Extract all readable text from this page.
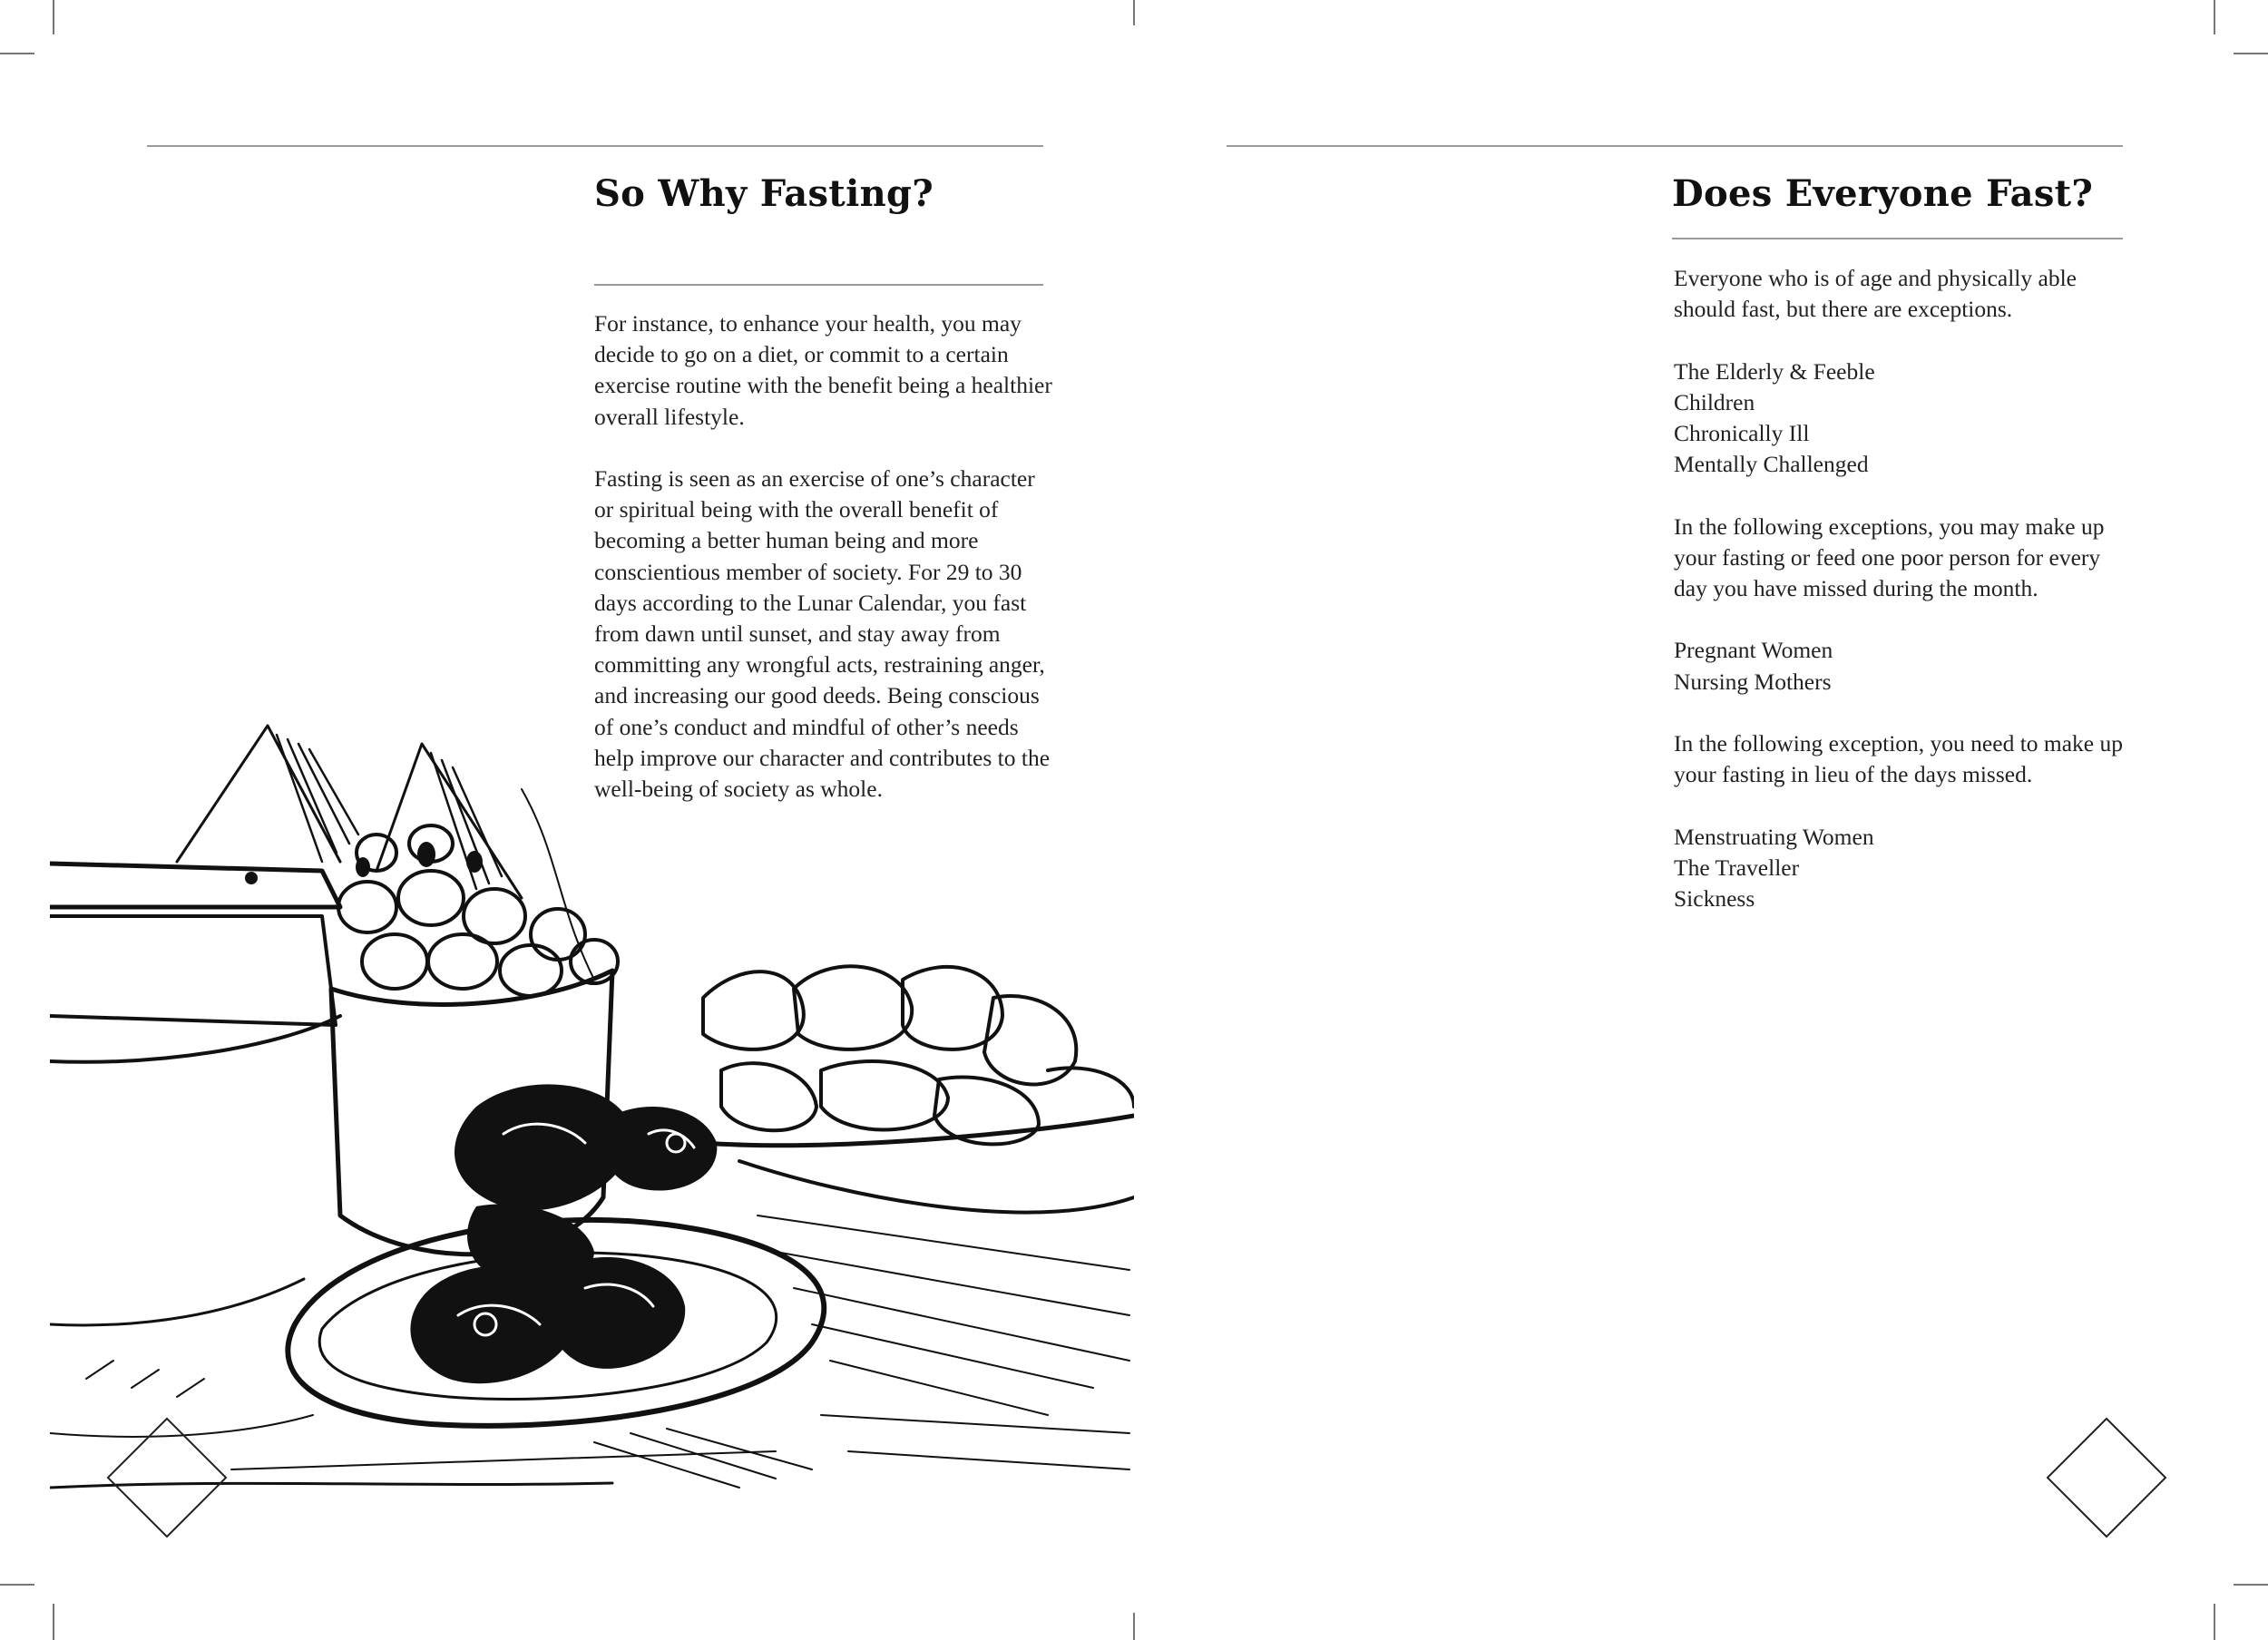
So Why Fasting?

For instance, to enhance your health, you may decide to go on a diet, or commit to a certain exercise routine with the benefit being a healthier overall lifestyle.

Fasting is seen as an exercise of one’s character or spiritual being with the overall benefit of becoming a better human being and more conscientious member of society. For 29 to 30 days according to the Lunar Calendar, you fast from dawn until sunset, and stay away from committing any wrongful acts, restraining anger, and increasing our good deeds. Being conscious of one’s conduct and mindful of other’s needs help improve our character and contributes to the well-being of society as whole.

Does Everyone Fast?

Everyone who is of age and physically able should fast, but there are exceptions.

The Elderly & Feeble
Children
Chronically Ill
Mentally Challenged

In the following exceptions, you may make up your fasting or feed one poor person for every day you have missed during the month.

Pregnant Women
Nursing Mothers

In the following exception, you need to make up your fasting in lieu of the days missed.

Menstruating Women
The Traveller
Sickness
